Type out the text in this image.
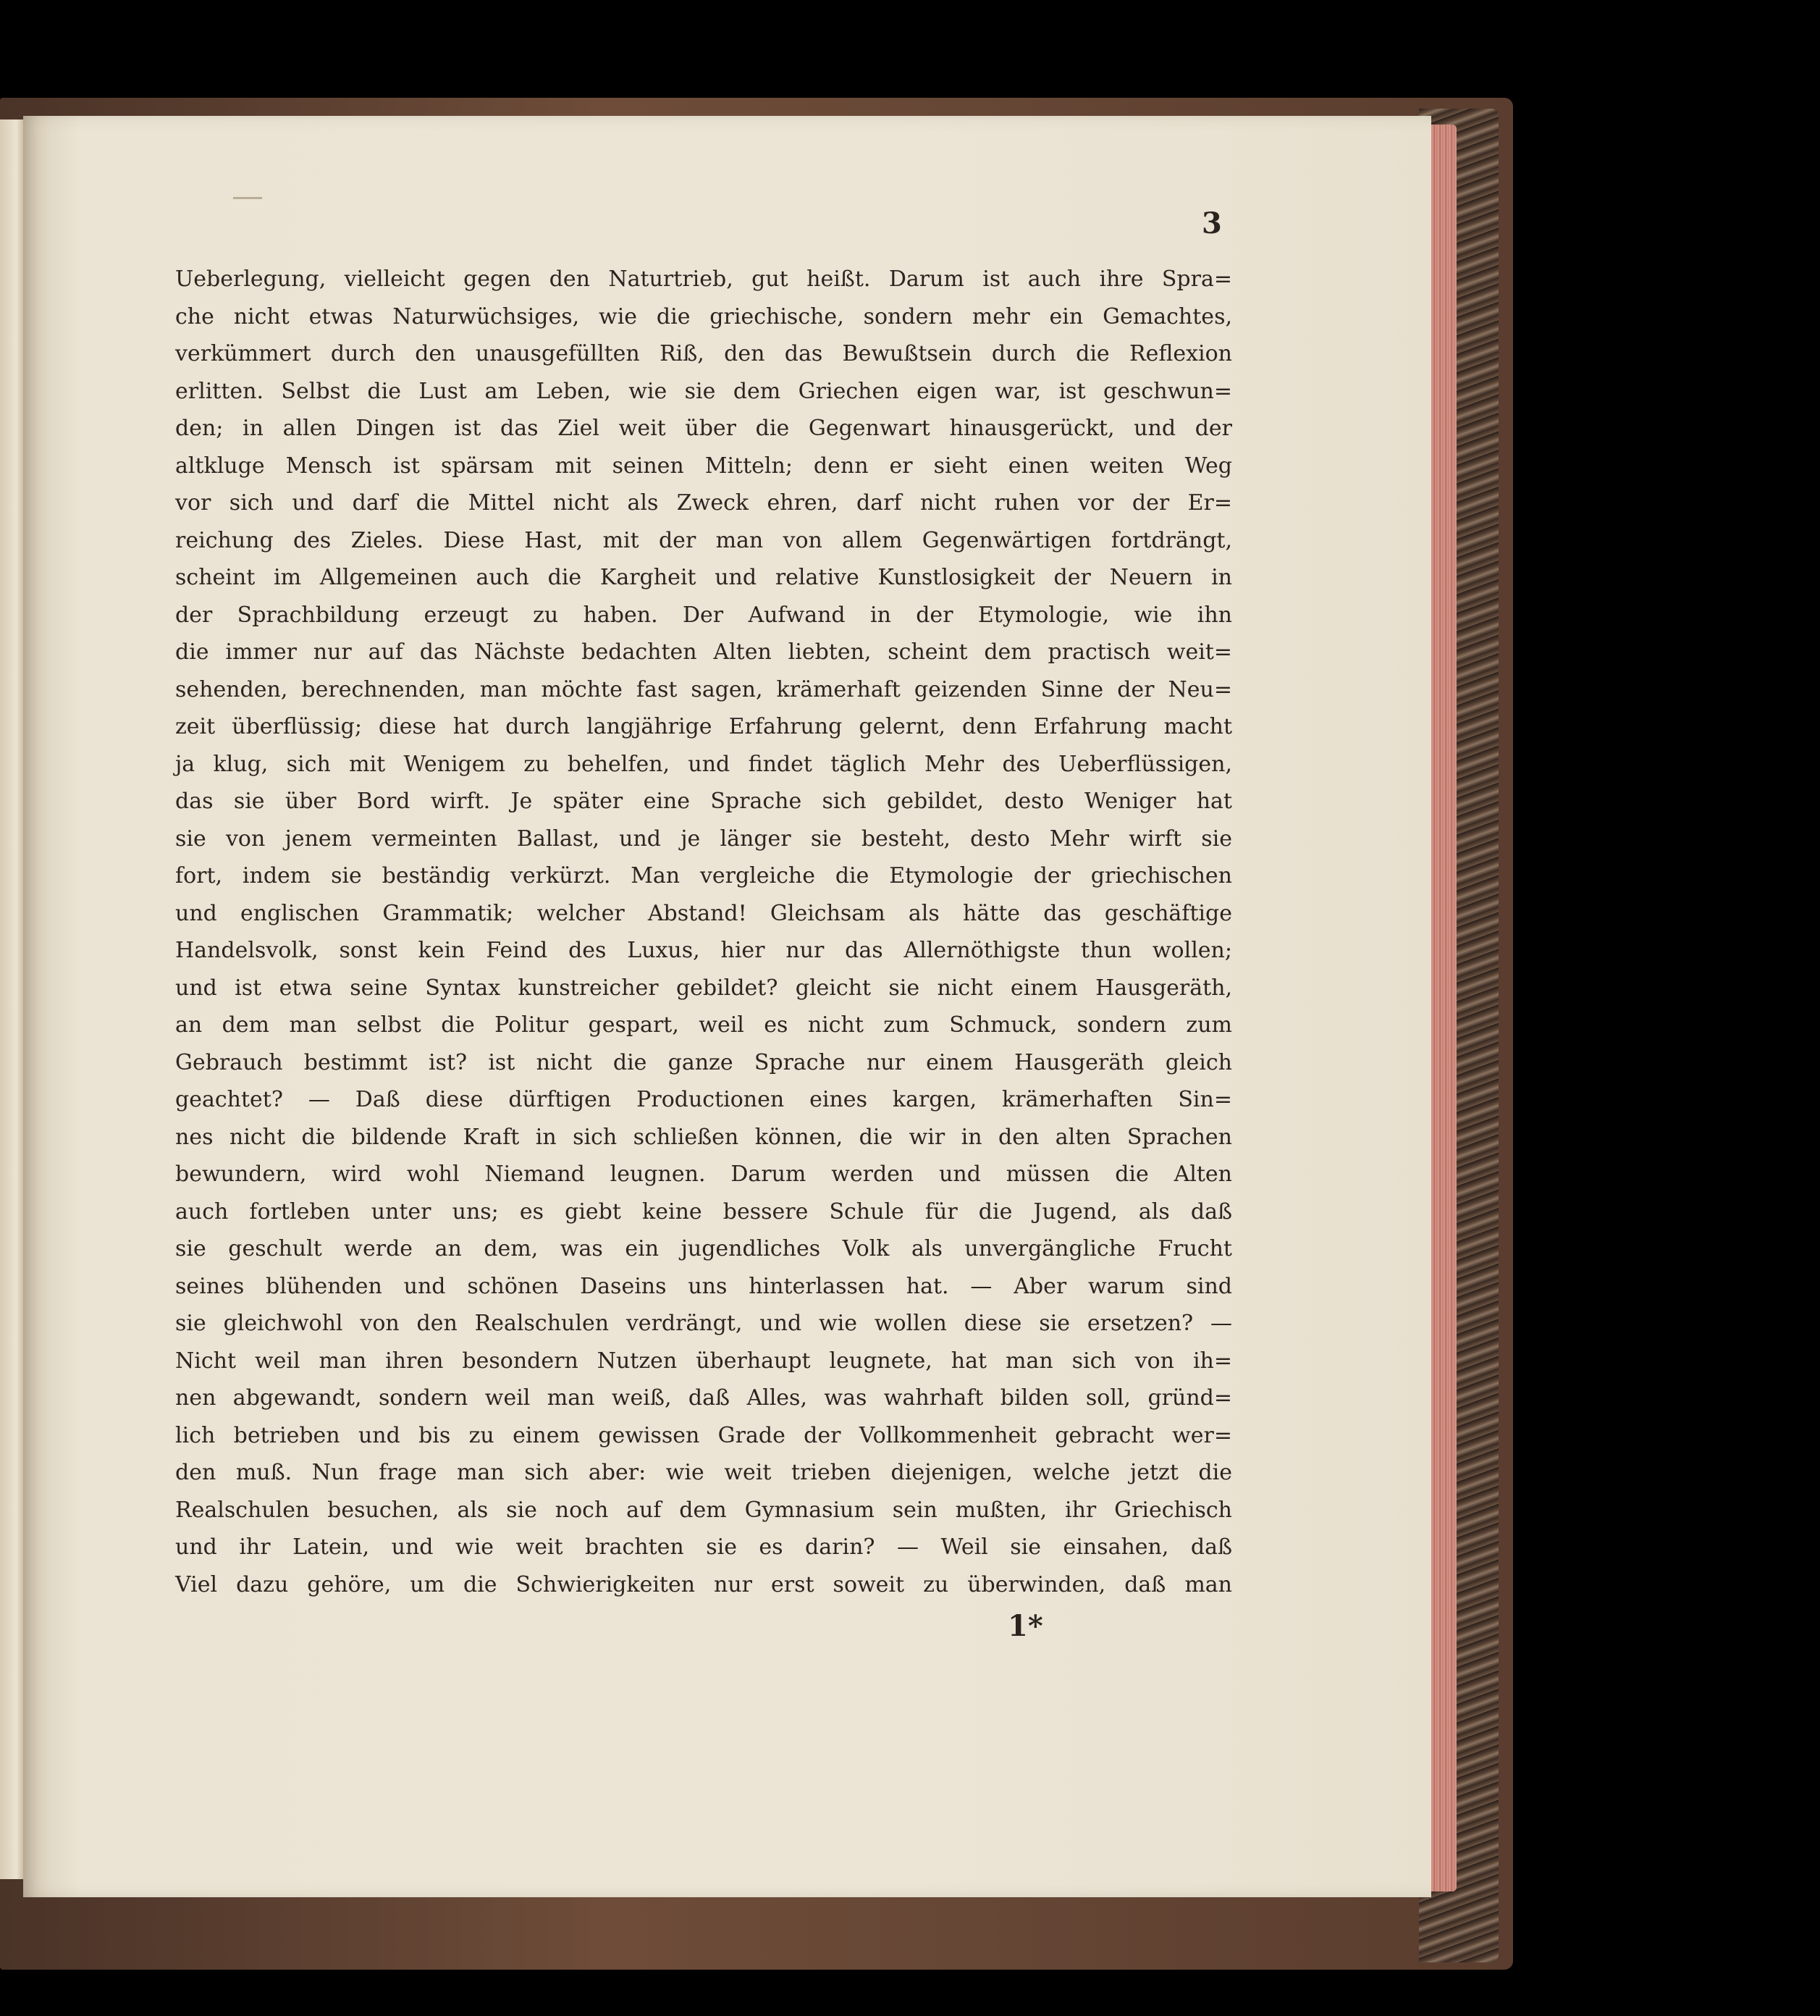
3

Ueberlegung, vielleicht gegen den Naturtrieb, gut heißt. Darum ist auch ihre Spra=
che nicht etwas Naturwüchsiges, wie die griechische, sondern mehr ein Gemachtes,
verkümmert durch den unausgefüllten Riß, den das Bewußtsein durch die Reflexion
erlitten. Selbst die Lust am Leben, wie sie dem Griechen eigen war, ist geschwun=
den; in allen Dingen ist das Ziel weit über die Gegenwart hinausgerückt, und der
altkluge Mensch ist spärsam mit seinen Mitteln; denn er sieht einen weiten Weg
vor sich und darf die Mittel nicht als Zweck ehren, darf nicht ruhen vor der Er=
reichung des Zieles. Diese Hast, mit der man von allem Gegenwärtigen fortdrängt,
scheint im Allgemeinen auch die Kargheit und relative Kunstlosigkeit der Neuern in
der Sprachbildung erzeugt zu haben. Der Aufwand in der Etymologie, wie ihn
die immer nur auf das Nächste bedachten Alten liebten, scheint dem practisch weit=
sehenden, berechnenden, man möchte fast sagen, krämerhaft geizenden Sinne der Neu=
zeit überflüssig; diese hat durch langjährige Erfahrung gelernt, denn Erfahrung macht
ja klug, sich mit Wenigem zu behelfen, und findet täglich Mehr des Ueberflüssigen,
das sie über Bord wirft. Je später eine Sprache sich gebildet, desto Weniger hat
sie von jenem vermeinten Ballast, und je länger sie besteht, desto Mehr wirft sie
fort, indem sie beständig verkürzt. Man vergleiche die Etymologie der griechischen
und englischen Grammatik; welcher Abstand! Gleichsam als hätte das geschäftige
Handelsvolk, sonst kein Feind des Luxus, hier nur das Allernöthigste thun wollen;
und ist etwa seine Syntax kunstreicher gebildet? gleicht sie nicht einem Hausgeräth,
an dem man selbst die Politur gespart, weil es nicht zum Schmuck, sondern zum
Gebrauch bestimmt ist? ist nicht die ganze Sprache nur einem Hausgeräth gleich
geachtet? — Daß diese dürftigen Productionen eines kargen, krämerhaften Sin=
nes nicht die bildende Kraft in sich schließen können, die wir in den alten Sprachen
bewundern, wird wohl Niemand leugnen. Darum werden und müssen die Alten
auch fortleben unter uns; es giebt keine bessere Schule für die Jugend, als daß
sie geschult werde an dem, was ein jugendliches Volk als unvergängliche Frucht
seines blühenden und schönen Daseins uns hinterlassen hat. — Aber warum sind
sie gleichwohl von den Realschulen verdrängt, und wie wollen diese sie ersetzen? —
Nicht weil man ihren besondern Nutzen überhaupt leugnete, hat man sich von ih=
nen abgewandt, sondern weil man weiß, daß Alles, was wahrhaft bilden soll, gründ=
lich betrieben und bis zu einem gewissen Grade der Vollkommenheit gebracht wer=
den muß. Nun frage man sich aber: wie weit trieben diejenigen, welche jetzt die
Realschulen besuchen, als sie noch auf dem Gymnasium sein mußten, ihr Griechisch
und ihr Latein, und wie weit brachten sie es darin? — Weil sie einsahen, daß
Viel dazu gehöre, um die Schwierigkeiten nur erst soweit zu überwinden, daß man

1*
